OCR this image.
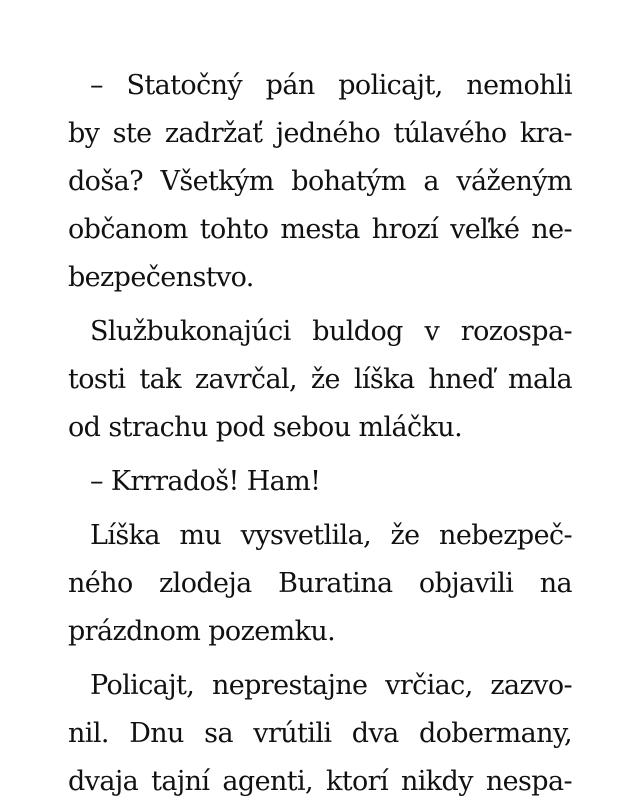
– Statočný pán policajt, nemohli
by ste zadržať jedného túlavého kra-
doša? Všetkým bohatým a váženým
občanom tohto mesta hrozí veľké ne-
bezpečenstvo.
Službukonajúci buldog v rozospa-
tosti tak zavrčal, že líška hneď mala
od strachu pod sebou mláčku.
– Krrradoš! Ham!
Líška mu vysvetlila, že nebezpeč-
ného zlodeja Buratina objavili na
prázdnom pozemku.
Policajt, neprestajne vrčiac, zazvo-
nil. Dnu sa vrútili dva dobermany,
dvaja tajní agenti, ktorí nikdy nespa-
